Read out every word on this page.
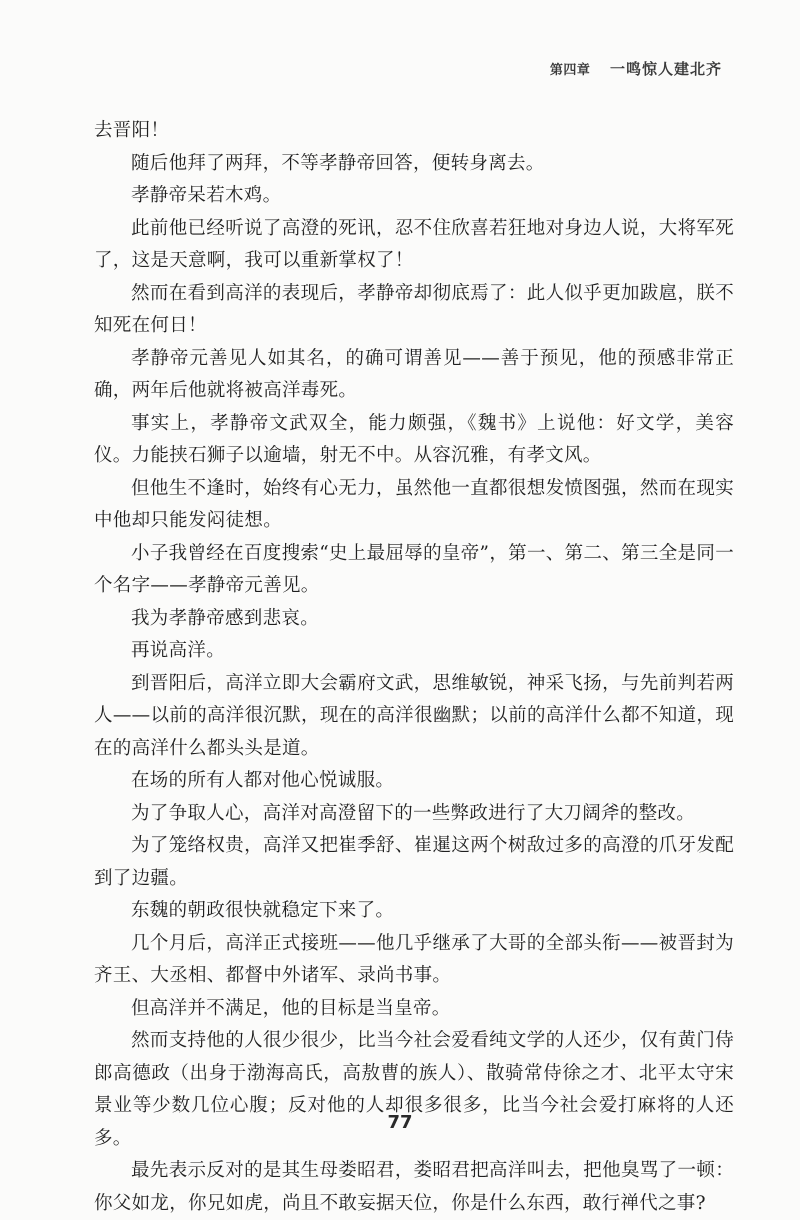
第四章 一鸣惊人建北齐

去晋阳！

随后他拜了两拜，不等孝静帝回答，便转身离去。

孝静帝呆若木鸡。

此前他已经听说了高澄的死讯，忍不住欣喜若狂地对身边人说，大将军死了，这是天意啊，我可以重新掌权了！

然而在看到高洋的表现后，孝静帝却彻底焉了：此人似乎更加跋扈，朕不知死在何日！

孝静帝元善见人如其名，的确可谓善见——善于预见，他的预感非常正确，两年后他就将被高洋毒死。

事实上，孝静帝文武双全，能力颇强，《魏书》上说他：好文学，美容仪。力能挟石狮子以逾墙，射无不中。从容沉雅，有孝文风。

但他生不逢时，始终有心无力，虽然他一直都很想发愤图强，然而在现实中他却只能发闷徒想。

小子我曾经在百度搜索“史上最屈辱的皇帝”，第一、第二、第三全是同一个名字——孝静帝元善见。

我为孝静帝感到悲哀。

再说高洋。

到晋阳后，高洋立即大会霸府文武，思维敏锐，神采飞扬，与先前判若两人——以前的高洋很沉默，现在的高洋很幽默；以前的高洋什么都不知道，现在的高洋什么都头头是道。

在场的所有人都对他心悦诚服。

为了争取人心，高洋对高澄留下的一些弊政进行了大刀阔斧的整改。

为了笼络权贵，高洋又把崔季舒、崔暹这两个树敌过多的高澄的爪牙发配到了边疆。

东魏的朝政很快就稳定下来了。

几个月后，高洋正式接班——他几乎继承了大哥的全部头衔——被晋封为齐王、大丞相、都督中外诸军、录尚书事。

但高洋并不满足，他的目标是当皇帝。

然而支持他的人很少很少，比当今社会爱看纯文学的人还少，仅有黄门侍郎高德政（出身于渤海高氏，高敖曹的族人）、散骑常侍徐之才、北平太守宋景业等少数几位心腹；反对他的人却很多很多，比当今社会爱打麻将的人还多。

最先表示反对的是其生母娄昭君，娄昭君把高洋叫去，把他臭骂了一顿：你父如龙，你兄如虎，尚且不敢妄据天位，你是什么东西，敢行禅代之事?

77
